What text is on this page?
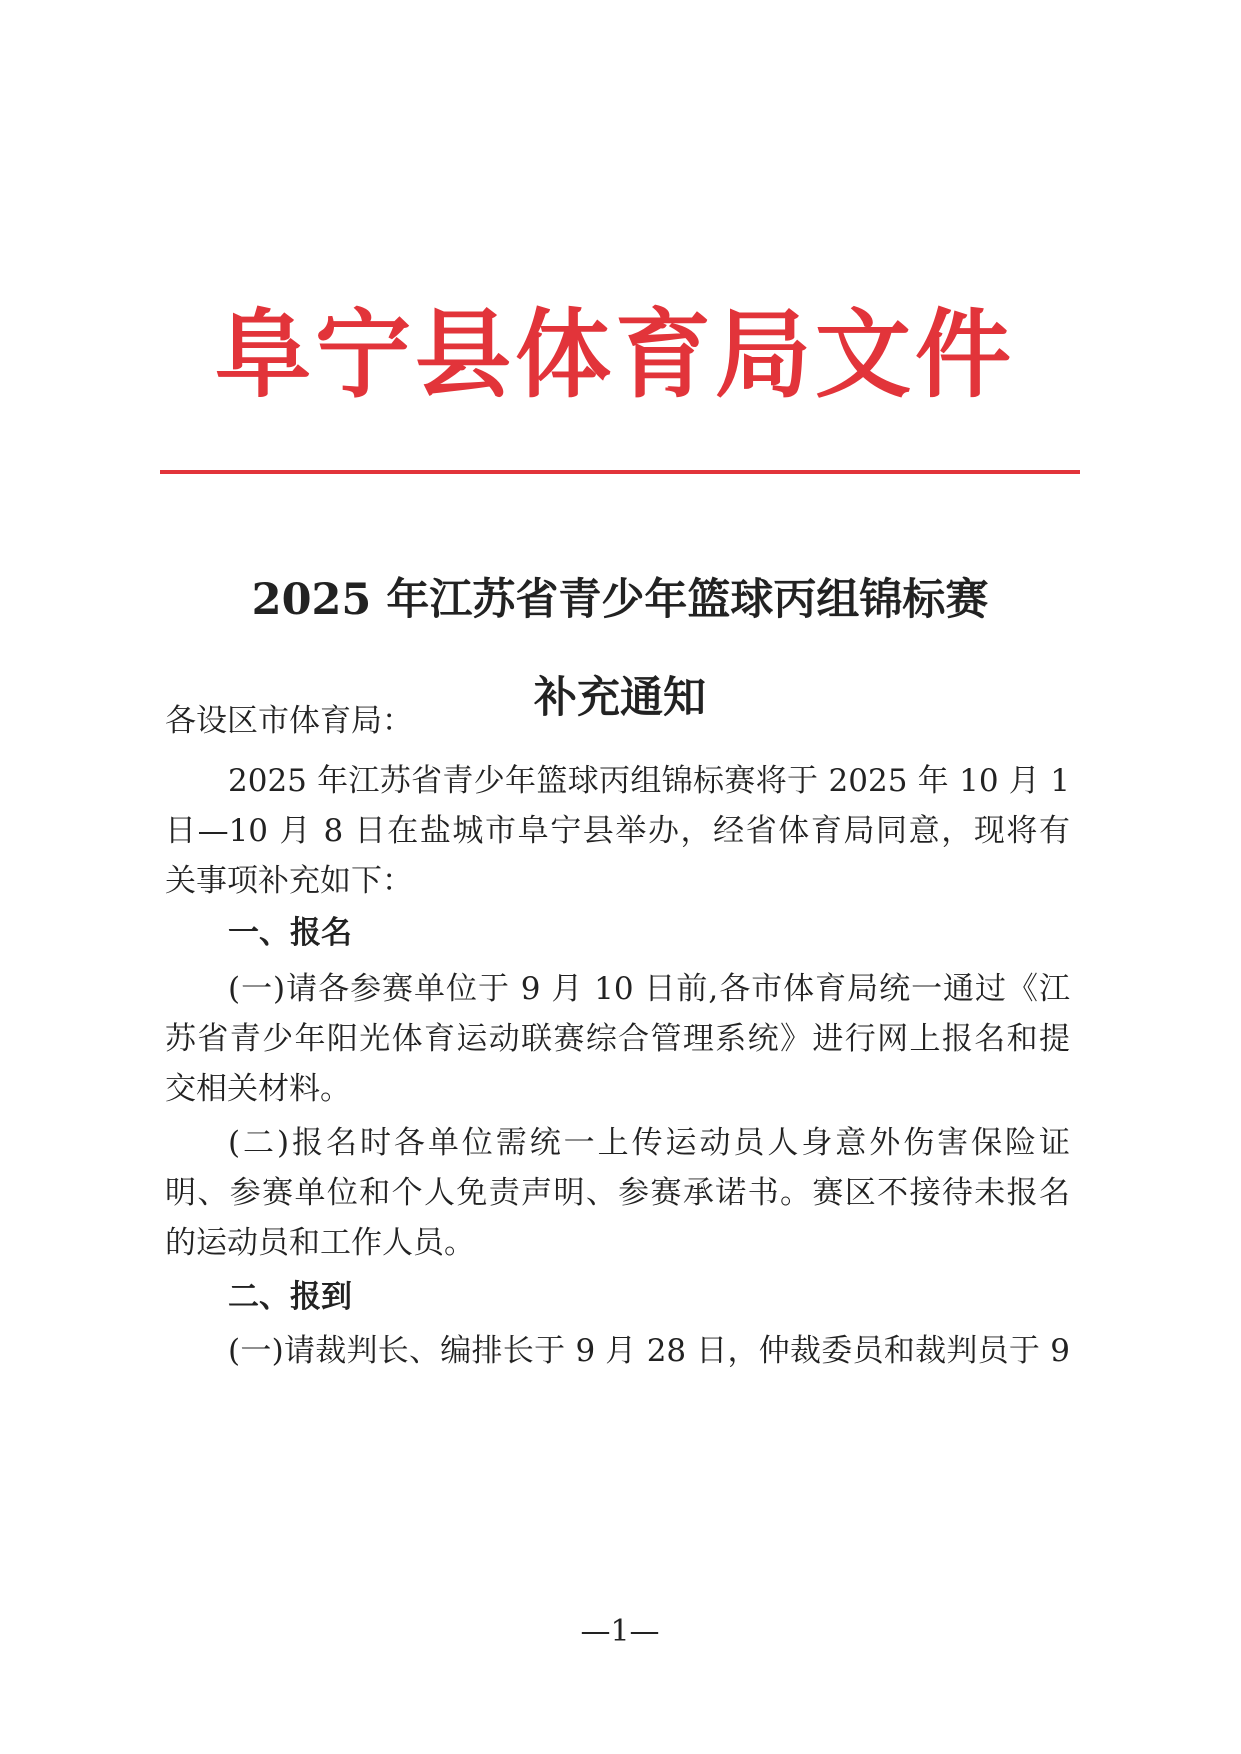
阜宁县体育局文件
2025 年江苏省青少年篮球丙组锦标赛
补充通知
各设区市体育局：
2025 年江苏省青少年篮球丙组锦标赛将于 2025 年 10 月 1
日—10 月 8 日在盐城市阜宁县举办，经省体育局同意，现将有
关事项补充如下：
一、报名
(一)请各参赛单位于 9 月 10 日前,各市体育局统一通过《江
苏省青少年阳光体育运动联赛综合管理系统》进行网上报名和提
交相关材料。
(二)报名时各单位需统一上传运动员人身意外伤害保险证
明、参赛单位和个人免责声明、参赛承诺书。赛区不接待未报名
的运动员和工作人员。
二、报到
(一)请裁判长、编排长于 9 月 28 日，仲裁委员和裁判员于 9
—1—
